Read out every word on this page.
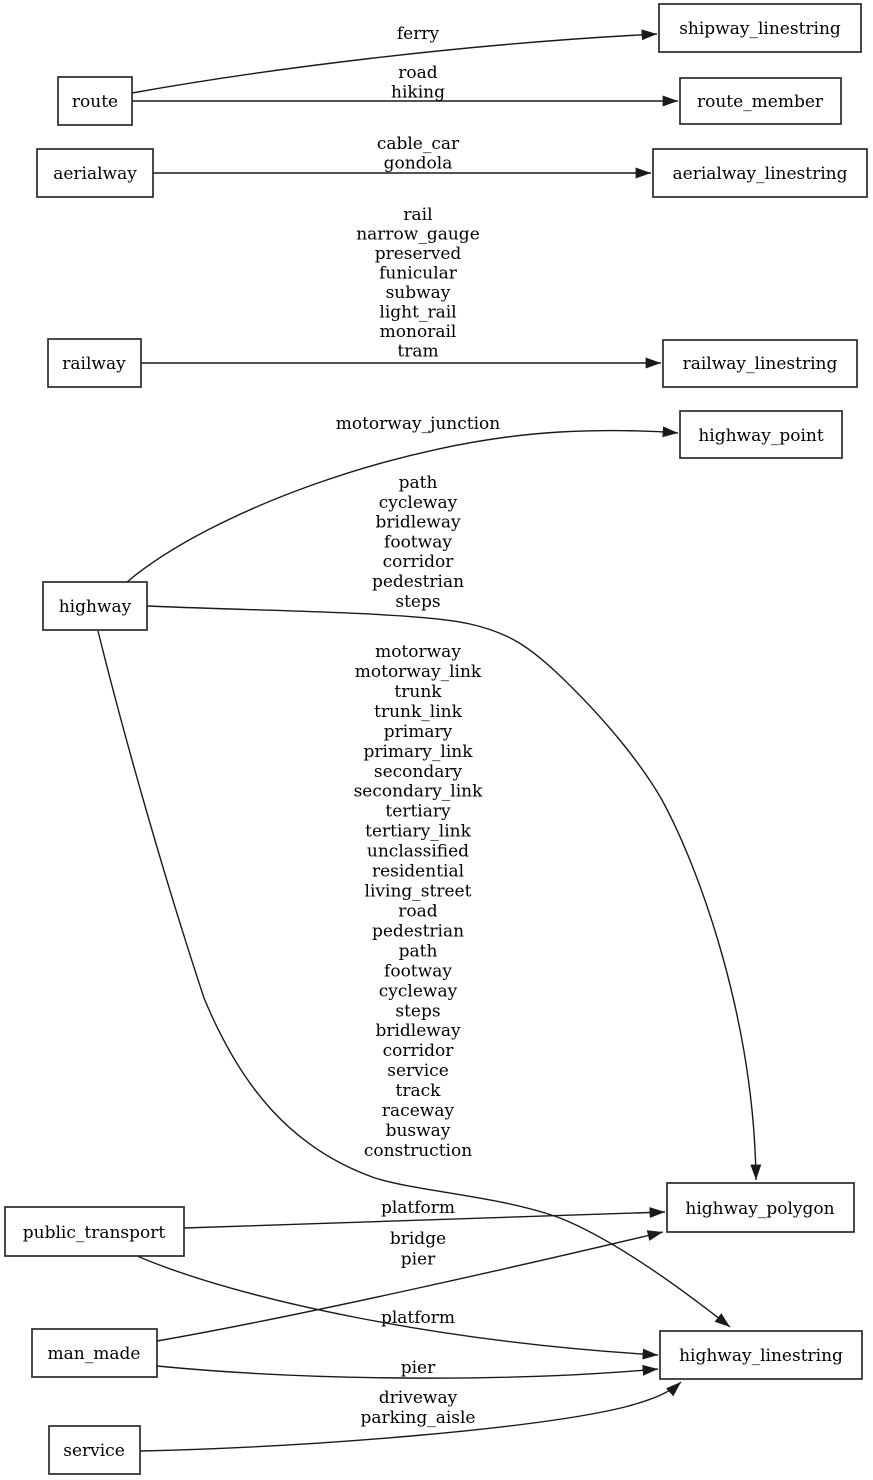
ferry
road hiking
cable_car gondola
rail narrow_gauge preserved funicular subway light_rail monorail tram
motorway_junction
path cycleway bridleway footway corridor pedestrian steps
motorway motorway_link trunk trunk_link primary primary_link secondary secondary_link tertiary tertiary_link unclassified residential living_street road pedestrian path footway cycleway steps bridleway corridor service track raceway busway construction
platform
bridge pier
platform
pier
driveway parking_aisle
route
aerialway
railway
highway
public_transport
man_made
service
shipway_linestring
route_member
aerialway_linestring
railway_linestring
highway_point
highway_polygon
highway_linestring
